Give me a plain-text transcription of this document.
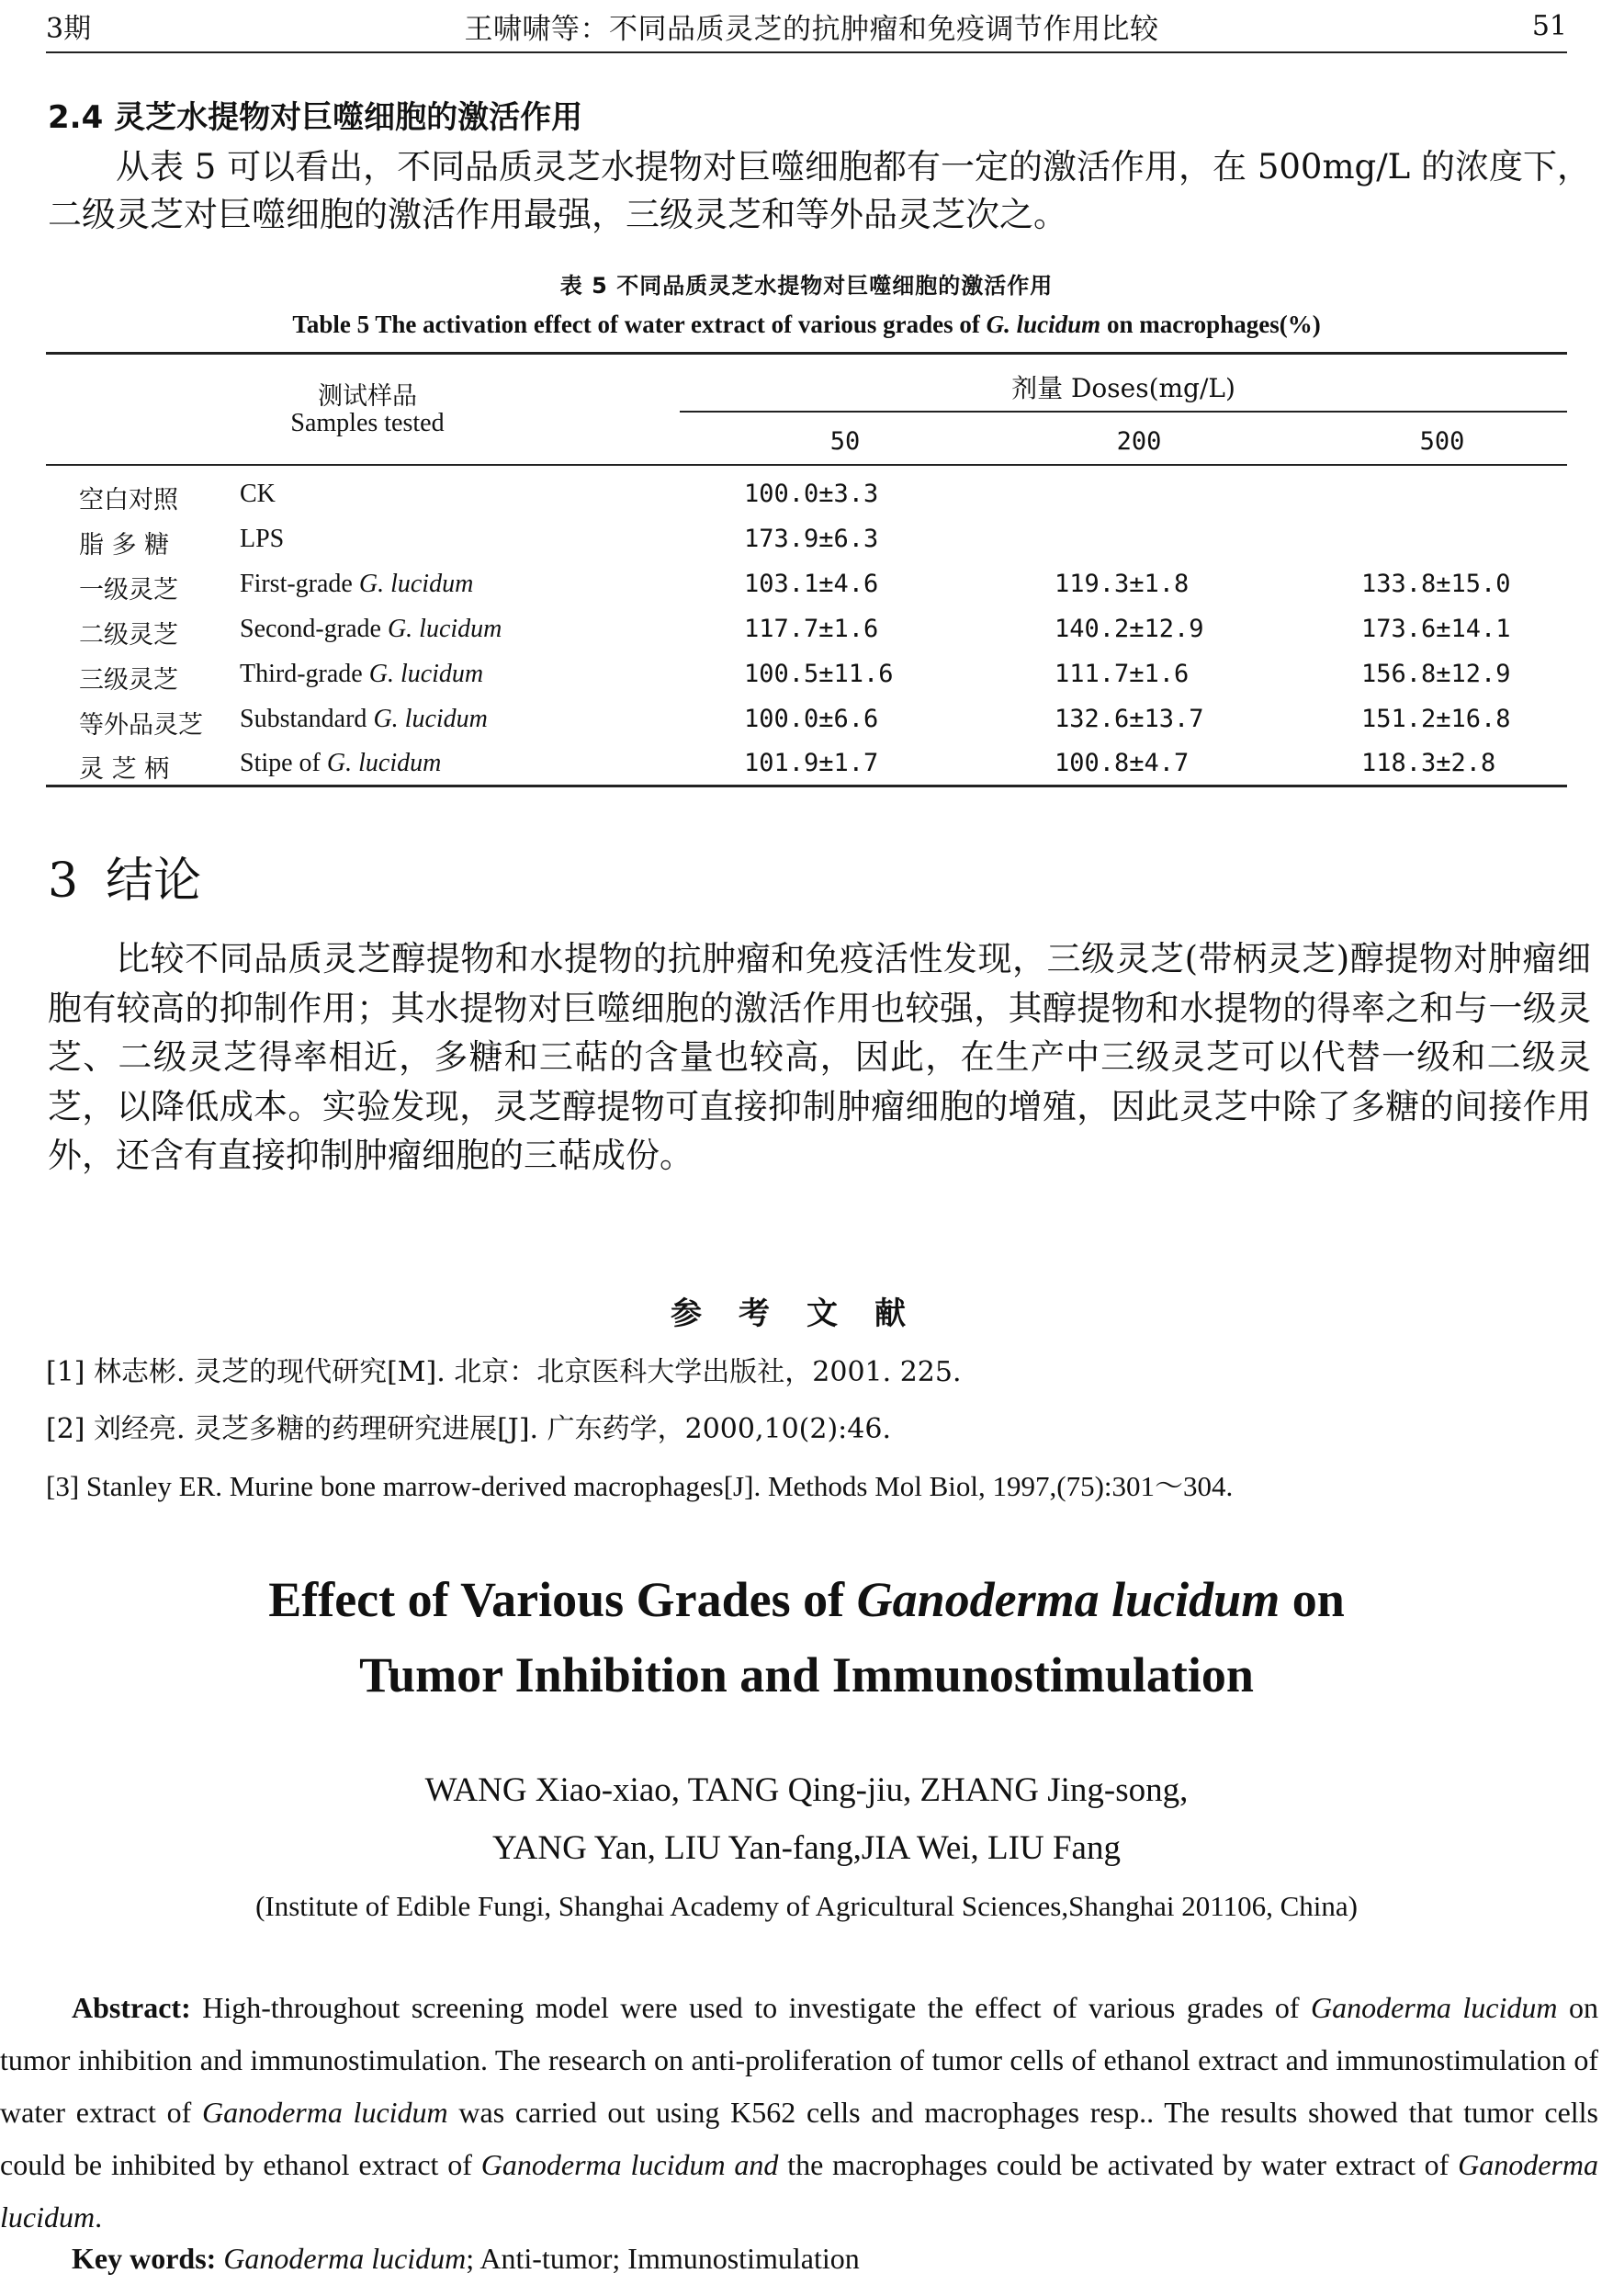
3期	王啸啸等：不同品质灵芝的抗肿瘤和免疫调节作用比较	51
2.4 灵芝水提物对巨噬细胞的激活作用
从表 5 可以看出，不同品质灵芝水提物对巨噬细胞都有一定的激活作用，在 500mg/L 的浓度下，二级灵芝对巨噬细胞的激活作用最强，三级灵芝和等外品灵芝次之。
表 5 不同品质灵芝水提物对巨噬细胞的激活作用
Table 5 The activation effect of water extract of various grades of G. lucidum on macrophages(%)
测试样品
Samples tested
剂量 Doses(mg/L)
50	200	500
空白对照 CK	100.0±3.3
脂 多 糖	LPS	173.9±6.3
一级灵芝 First-grade G. lucidum	103.1±4.6	119.3±1.8	133.8±15.0
二级灵芝 Second-grade G. lucidum	117.7±1.6	140.2±12.9	173.6±14.1
三级灵芝 Third-grade G. lucidum	100.5±11.6	111.7±1.6	156.8±12.9
等外品灵芝 Substandard G. lucidum	100.0±6.6	132.6±13.7	151.2±16.8
灵 芝 柄	Stipe of G. lucidum	101.9±1.7	100.8±4.7	118.3±2.8
3 结论
比较不同品质灵芝醇提物和水提物的抗肿瘤和免疫活性发现，三级灵芝(带柄灵芝)醇提物对肿瘤细胞有较高的抑制作用；其水提物对巨噬细胞的激活作用也较强，其醇提物和水提物的得率之和与一级灵芝、二级灵芝得率相近，多糖和三萜的含量也较高，因此，在生产中三级灵芝可以代替一级和二级灵芝，以降低成本。实验发现，灵芝醇提物可直接抑制肿瘤细胞的增殖，因此灵芝中除了多糖的间接作用外，还含有直接抑制肿瘤细胞的三萜成份。
参考文献
[1] 林志彬. 灵芝的现代研究[M]. 北京：北京医科大学出版社，2001. 225.
[2] 刘经亮. 灵芝多糖的药理研究进展[J]. 广东药学，2000,10(2):46.
[3] Stanley ER. Murine bone marrow-derived macrophages[J]. Methods Mol Biol, 1997,(75):301～304.
Effect of Various Grades of Ganoderma lucidum on
Tumor Inhibition and Immunostimulation
WANG Xiao-xiao, TANG Qing-jiu, ZHANG Jing-song,
YANG Yan, LIU Yan-fang,JIA Wei, LIU Fang
(Institute of Edible Fungi, Shanghai Academy of Agricultural Sciences,Shanghai 201106, China)
Abstract: High-throughout screening model were used to investigate the effect of various grades of Ganoderma lucidum on tumor inhibition and immunostimulation. The research on anti-proliferation of tumor cells of ethanol extract and immunostimulation of water extract of Ganoderma lucidum was carried out using K562 cells and macrophages resp.. The results showed that tumor cells could be inhibited by ethanol extract of Ganoderma lucidum and the macrophages could be activated by water extract of Ganoderma lucidum.
Key words: Ganoderma lucidum; Anti-tumor; Immunostimulation
